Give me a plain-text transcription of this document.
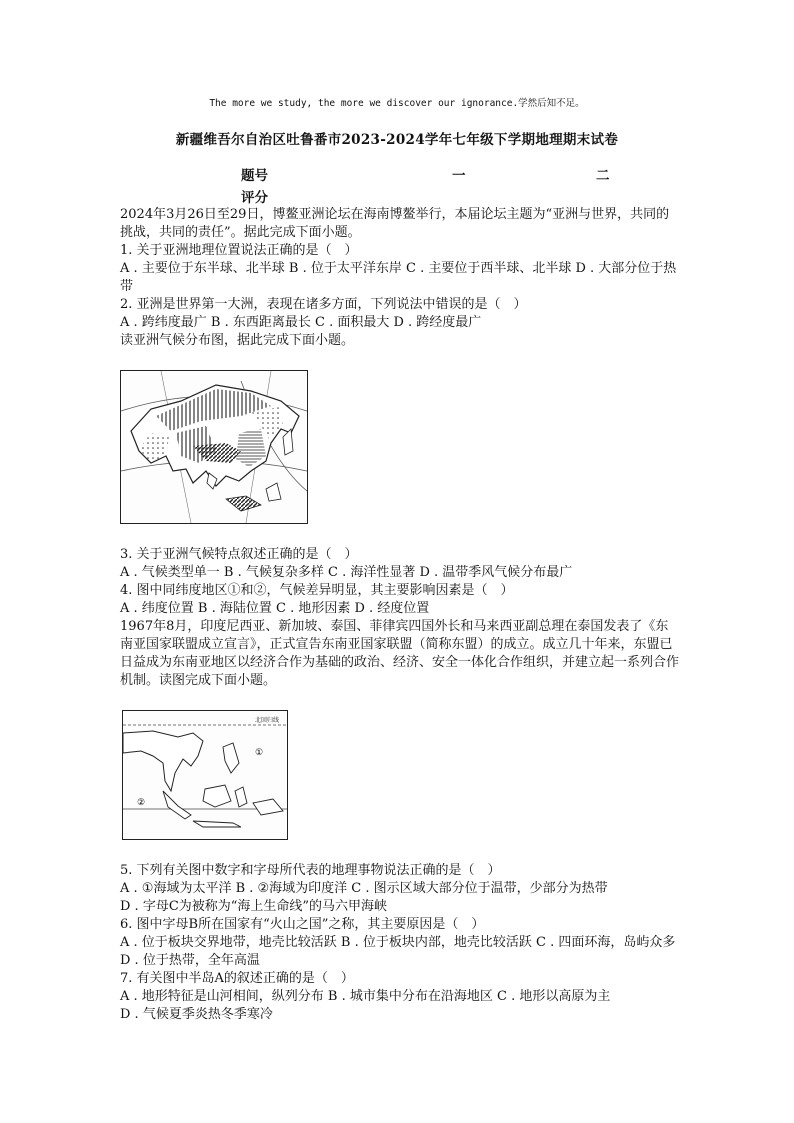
The more we study, the more we discover our ignorance.学然后知不足。
新疆维吾尔自治区吐鲁番市2023-2024学年七年级下学期地理期末试卷
题号	一	二
评分

2024年3月26日至29日，博鳌亚洲论坛在海南博鳌举行，本届论坛主题为“亚洲与世界，共同的挑战，共同的责任”。据此完成下面小题。

1. 关于亚洲地理位置说法正确的是（　）

A . 主要位于东半球、北半球 B . 位于太平洋东岸 C . 主要位于西半球、北半球 D . 大部分位于热带

2. 亚洲是世界第一大洲，表现在诸多方面，下列说法中错误的是（　）

A . 跨纬度最广 B . 东西距离最长 C . 面积最大 D . 跨经度最广

读亚洲气候分布图，据此完成下面小题。

3. 关于亚洲气候特点叙述正确的是（　）

A . 气候类型单一 B . 气候复杂多样 C . 海洋性显著 D . 温带季风气候分布最广

4. 图中同纬度地区①和②，气候差异明显，其主要影响因素是（　）

A . 纬度位置 B . 海陆位置 C . 地形因素 D . 经度位置

1967年8月，印度尼西亚、新加坡、泰国、菲律宾四国外长和马来西亚副总理在泰国发表了《东南亚国家联盟成立宣言》，正式宣告东南亚国家联盟（简称东盟）的成立。成立几十年来，东盟已日益成为东南亚地区以经济合作为基础的政治、经济、安全一体化合作组织，并建立起一系列合作机制。读图完成下面小题。

北回归线
①
②

5. 下列有关图中数字和字母所代表的地理事物说法正确的是（　）

A . ①海域为太平洋 B . ②海域为印度洋 C . 图示区域大部分位于温带，少部分为热带

D . 字母C为被称为“海上生命线”的马六甲海峡

6. 图中字母B所在国家有“火山之国”之称，其主要原因是（　）

A . 位于板块交界地带，地壳比较活跃 B . 位于板块内部，地壳比较活跃 C . 四面环海，岛屿众多 D . 位于热带，全年高温

7. 有关图中半岛A的叙述正确的是（　）

A . 地形特征是山河相间，纵列分布 B . 城市集中分布在沿海地区 C . 地形以高原为主

D . 气候夏季炎热冬季寒冷
